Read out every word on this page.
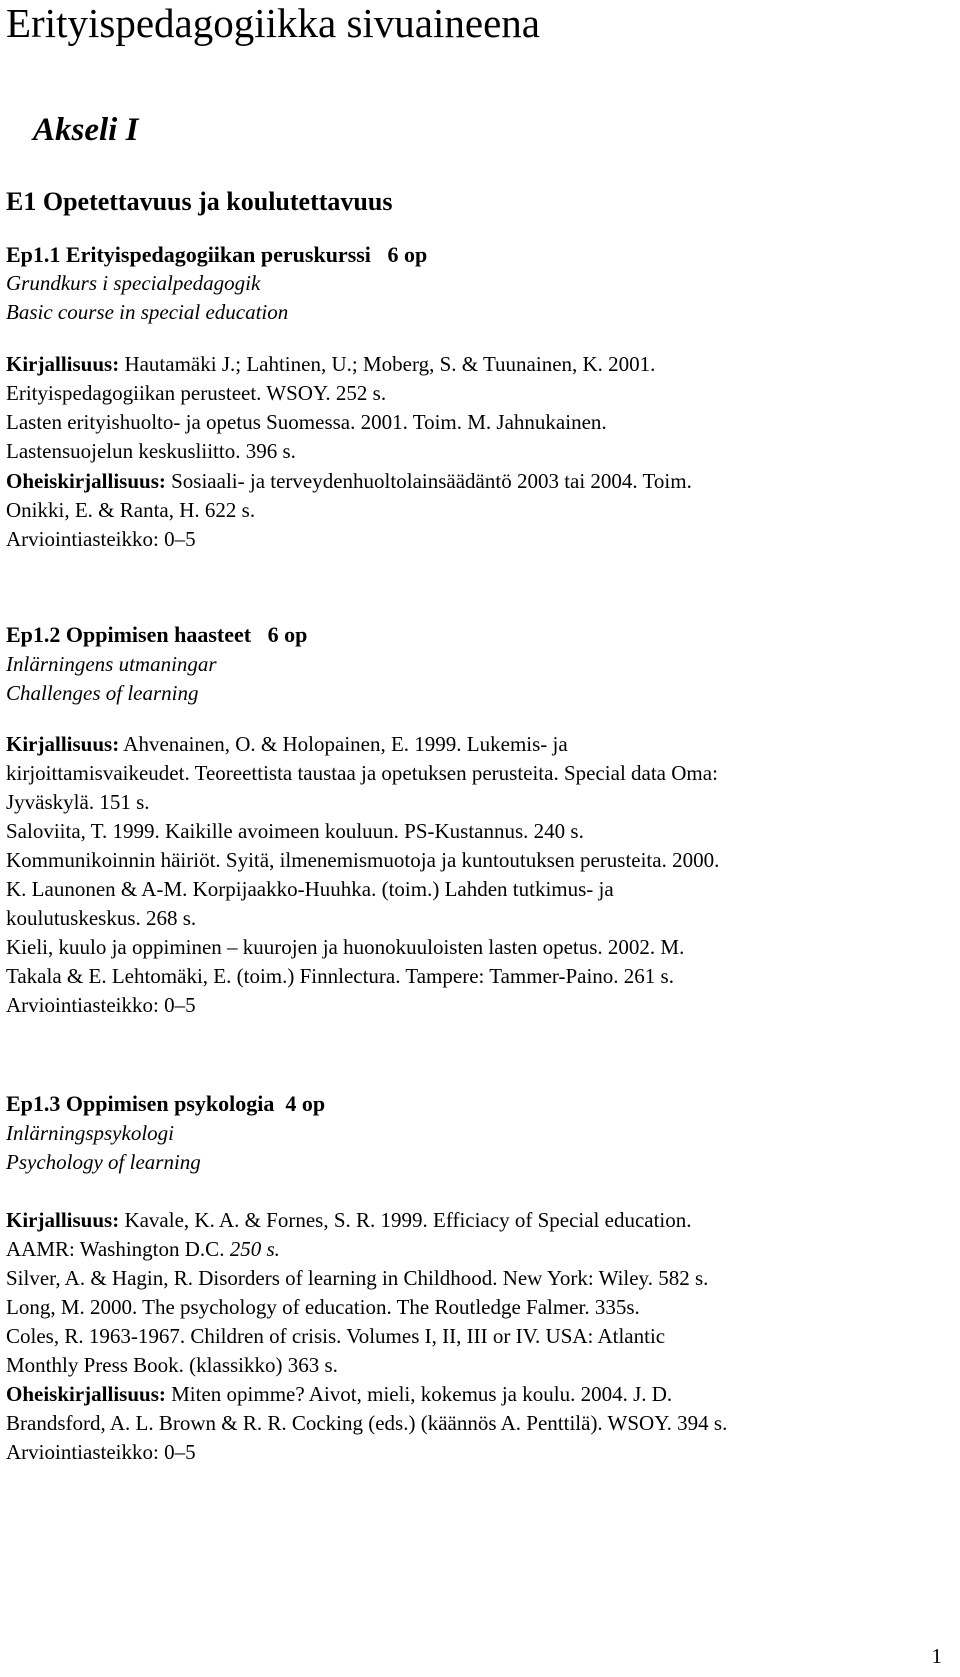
Erityispedagogiikka sivuaineena
Akseli I
E1 Opetettavuus ja koulutettavuus

Ep1.1 Erityispedagogiikan peruskurssi 6 op

Grundkurs i specialpedagogik

Basic course in special education

Kirjallisuus: Hautamäki J.; Lahtinen, U.; Moberg, S. & Tuunainen, K. 2001.

Erityispedagogiikan perusteet. WSOY. 252 s.

Lasten erityishuolto- ja opetus Suomessa. 2001. Toim. M. Jahnukainen.

Lastensuojelun keskusliitto. 396 s.

Oheiskirjallisuus: Sosiaali- ja terveydenhuoltolainsäädäntö 2003 tai 2004. Toim.

Onikki, E. & Ranta, H. 622 s.

Arviointiasteikko: 0–5

Ep1.2 Oppimisen haasteet 6 op

Inlärningens utmaningar

Challenges of learning

Kirjallisuus: Ahvenainen, O. & Holopainen, E. 1999. Lukemis- ja

kirjoittamisvaikeudet. Teoreettista taustaa ja opetuksen perusteita. Special data Oma:

Jyväskylä. 151 s.

Saloviita, T. 1999. Kaikille avoimeen kouluun. PS-Kustannus. 240 s.

Kommunikoinnin häiriöt. Syitä, ilmenemismuotoja ja kuntoutuksen perusteita. 2000.

K. Launonen & A-M. Korpijaakko-Huuhka. (toim.) Lahden tutkimus- ja

koulutuskeskus. 268 s.

Kieli, kuulo ja oppiminen – kuurojen ja huonokuuloisten lasten opetus. 2002. M.

Takala & E. Lehtomäki, E. (toim.) Finnlectura. Tampere: Tammer-Paino. 261 s.

Arviointiasteikko: 0–5

Ep1.3 Oppimisen psykologia 4 op

Inlärningspsykologi

Psychology of learning

Kirjallisuus: Kavale, K. A. & Fornes, S. R. 1999. Efficiacy of Special education.

AAMR: Washington D.C. 250 s.

Silver, A. & Hagin, R. Disorders of learning in Childhood. New York: Wiley. 582 s.

Long, M. 2000. The psychology of education. The Routledge Falmer. 335s.

Coles, R. 1963-1967. Children of crisis. Volumes I, II, III or IV. USA: Atlantic

Monthly Press Book. (klassikko) 363 s.

Oheiskirjallisuus: Miten opimme? Aivot, mieli, kokemus ja koulu. 2004. J. D.

Brandsford, A. L. Brown & R. R. Cocking (eds.) (käännös A. Penttilä). WSOY. 394 s.

Arviointiasteikko: 0–5

1
